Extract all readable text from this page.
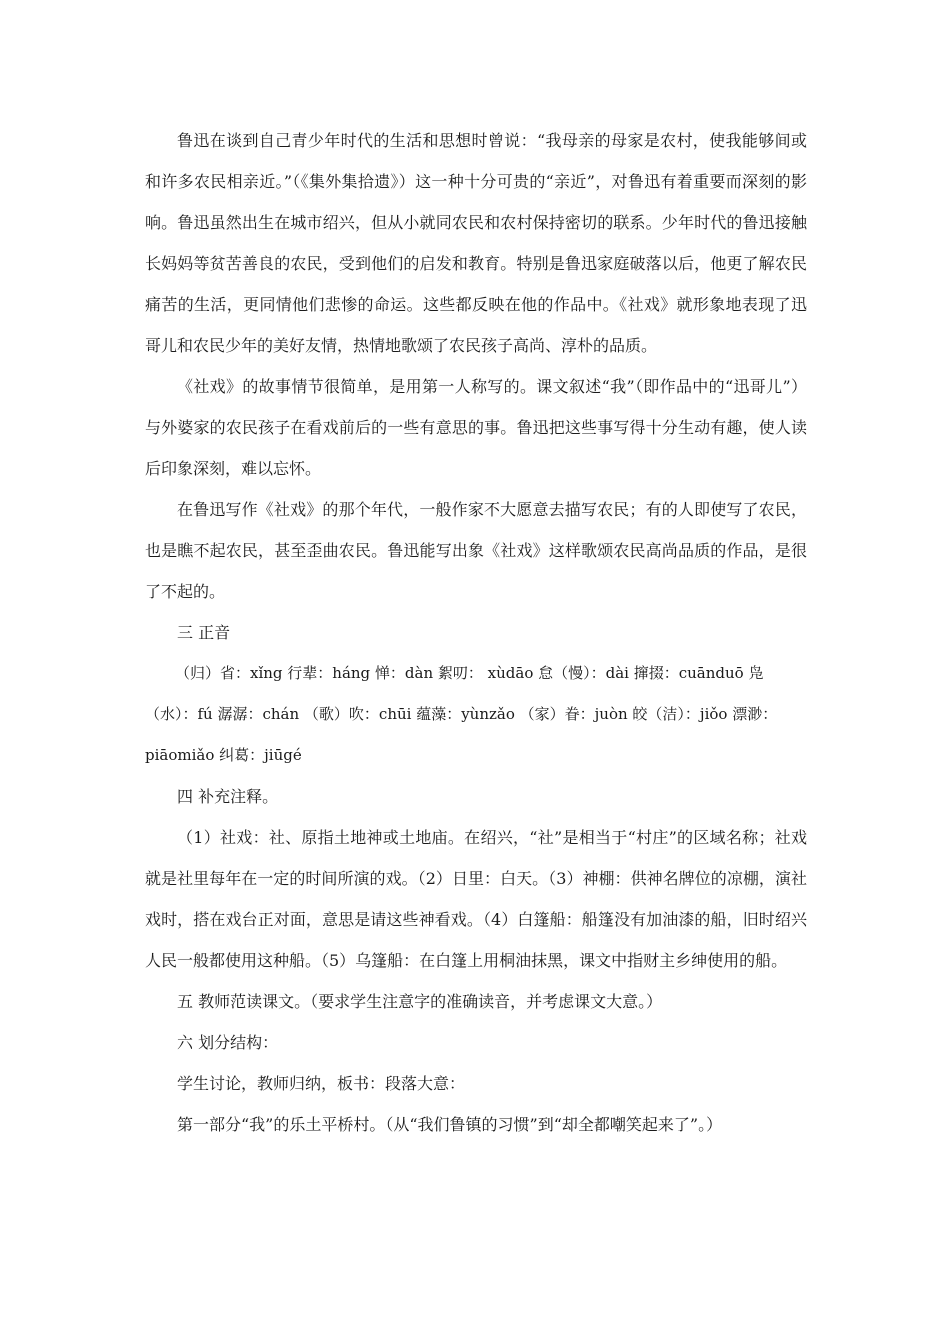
鲁迅在谈到自己青少年时代的生活和思想时曾说：“我母亲的母家是农村，使我能够间或和许多农民相亲近。”（《集外集拾遗》）这一种十分可贵的“亲近”，对鲁迅有着重要而深刻的影响。鲁迅虽然出生在城市绍兴，但从小就同农民和农村保持密切的联系。少年时代的鲁迅接触长妈妈等贫苦善良的农民，受到他们的启发和教育。特别是鲁迅家庭破落以后，他更了解农民痛苦的生活，更同情他们悲惨的命运。这些都反映在他的作品中。《社戏》就形象地表现了迅哥儿和农民少年的美好友情，热情地歌颂了农民孩子高尚、淳朴的品质。

《社戏》的故事情节很简单，是用第一人称写的。课文叙述“我”（即作品中的“迅哥儿”）与外婆家的农民孩子在看戏前后的一些有意思的事。鲁迅把这些事写得十分生动有趣，使人读后印象深刻，难以忘怀。

在鲁迅写作《社戏》的那个年代，一般作家不大愿意去描写农民；有的人即使写了农民，也是瞧不起农民，甚至歪曲农民。鲁迅能写出象《社戏》这样歌颂农民高尚品质的作品，是很了不起的。

三 正音

（归）省：xǐng 行辈：háng 惮：dàn 絮叨： xùdāo 怠（慢）：dài 撺掇：cuānduō 凫（水）：fú 潺潺：chán （歌）吹：chūi 蕴藻：yùnzǎo （家）眷：juòn 皎（洁）：jiǒo 漂渺：piāomiǎo 纠葛：jiūgé

四 补充注释。

（1）社戏：社、原指土地神或土地庙。在绍兴，“社”是相当于“村庄”的区域名称；社戏就是社里每年在一定的时间所演的戏。（2）日里：白天。（3）神棚：供神名牌位的凉棚，演社戏时，搭在戏台正对面，意思是请这些神看戏。（4）白篷船：船篷没有加油漆的船，旧时绍兴人民一般都使用这种船。（5）乌篷船：在白篷上用桐油抹黑，课文中指财主乡绅使用的船。

五 教师范读课文。（要求学生注意字的准确读音，并考虑课文大意。）

六 划分结构：

学生讨论，教师归纳，板书：段落大意：

第一部分“我”的乐土平桥村。（从“我们鲁镇的习惯”到“却全都嘲笑起来了”。）
